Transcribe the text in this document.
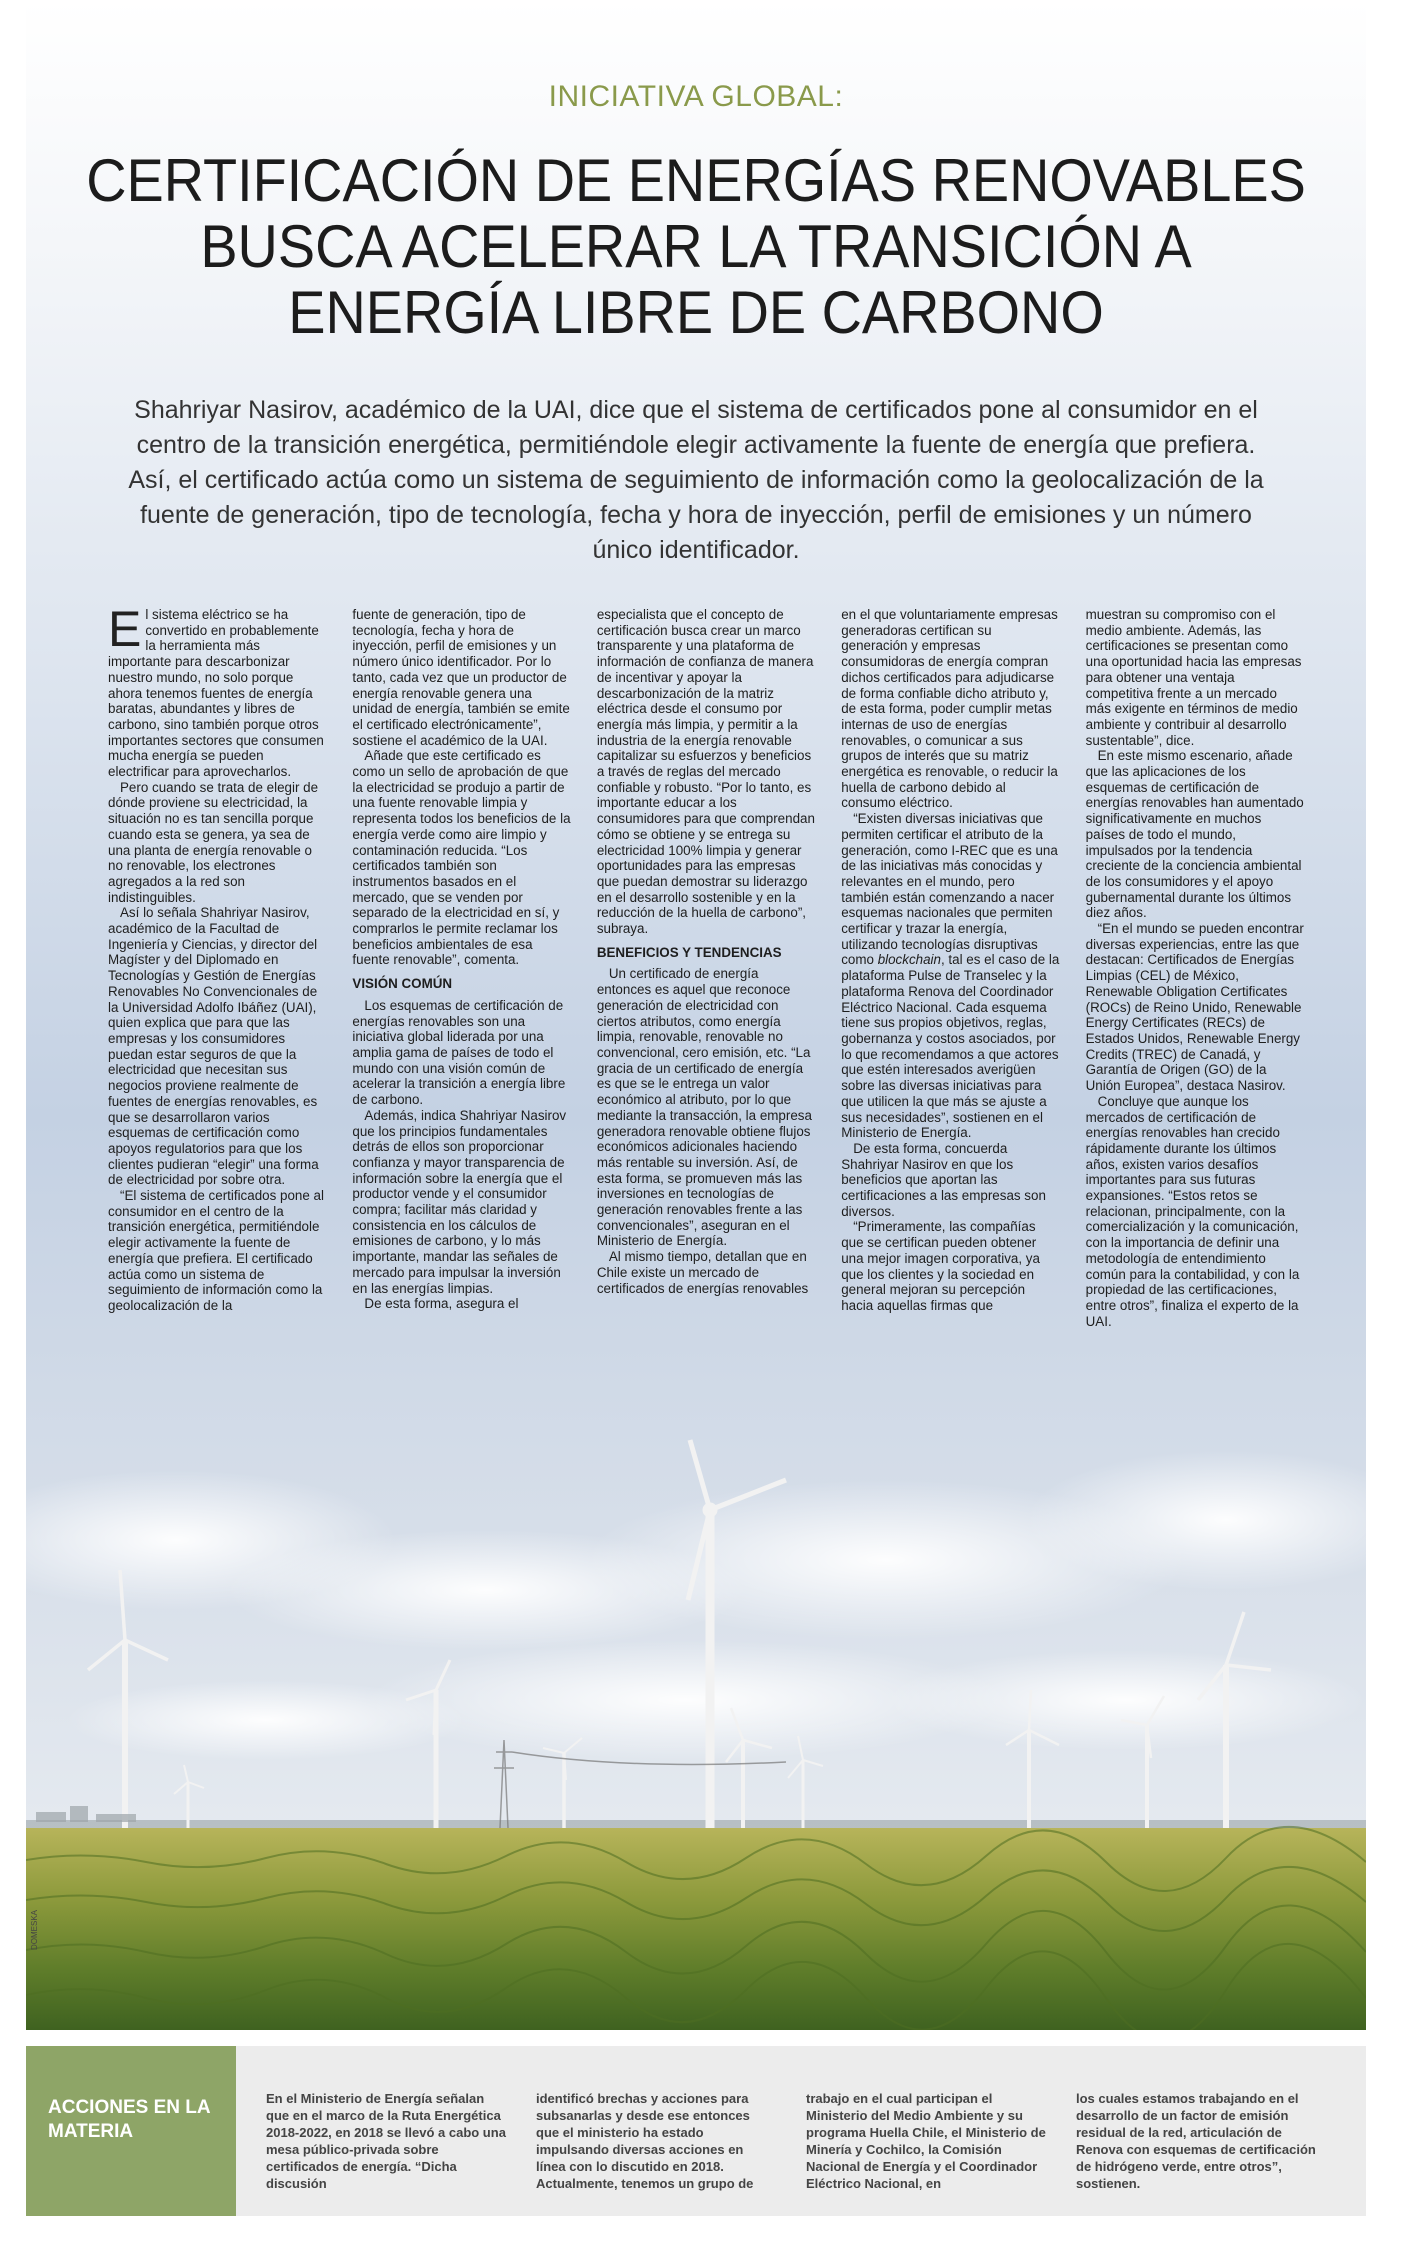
INICIATIVA GLOBAL:
CERTIFICACIÓN DE ENERGÍAS RENOVABLES
BUSCA ACELERAR LA TRANSICIÓN A
ENERGÍA LIBRE DE CARBONO
Shahriyar Nasirov, académico de la UAI, dice que el sistema de certificados pone al consumidor en el centro de la transición energética, permitiéndole elegir activamente la fuente de energía que prefiera. Así, el certificado actúa como un sistema de seguimiento de información como la geolocalización de la fuente de generación, tipo de tecnología, fecha y hora de inyección, perfil de emisiones y un número único identificador.

El sistema eléctrico se ha convertido en probablemente la herramienta más importante para descarbonizar nuestro mundo, no solo porque ahora tenemos fuentes de energía baratas, abundantes y libres de carbono, sino también porque otros importantes sectores que consumen mucha energía se pueden electrificar para aprovecharlos.

Pero cuando se trata de elegir de dónde proviene su electricidad, la situación no es tan sencilla porque cuando esta se genera, ya sea de una planta de energía renovable o no renovable, los electrones agregados a la red son indistinguibles.

Así lo señala Shahriyar Nasirov, académico de la Facultad de Ingeniería y Ciencias, y director del Magíster y del Diplomado en Tecnologías y Gestión de Energías Renovables No Convencionales de la Universidad Adolfo Ibáñez (UAI), quien explica que para que las empresas y los consumidores puedan estar seguros de que la electricidad que necesitan sus negocios proviene realmente de fuentes de energías renovables, es que se desarrollaron varios esquemas de certificación como apoyos regulatorios para que los clientes pudieran “elegir” una forma de electricidad por sobre otra.

“El sistema de certificados pone al consumidor en el centro de la transición energética, permitiéndole elegir activamente la fuente de energía que prefiera. El certificado actúa como un sistema de seguimiento de información como la geolocalización de la

fuente de generación, tipo de tecnología, fecha y hora de inyección, perfil de emisiones y un número único identificador. Por lo tanto, cada vez que un productor de energía renovable genera una unidad de energía, también se emite el certificado electrónicamente”, sostiene el académico de la UAI.

Añade que este certificado es como un sello de aprobación de que la electricidad se produjo a partir de una fuente renovable limpia y representa todos los beneficios de la energía verde como aire limpio y contaminación reducida. “Los certificados también son instrumentos basados en el mercado, que se venden por separado de la electricidad en sí, y comprarlos le permite reclamar los beneficios ambientales de esa fuente renovable”, comenta.

VISIÓN COMÚN

Los esquemas de certificación de energías renovables son una iniciativa global liderada por una amplia gama de países de todo el mundo con una visión común de acelerar la transición a energía libre de carbono.

Además, indica Shahriyar Nasirov que los principios fundamentales detrás de ellos son proporcionar confianza y mayor transparencia de información sobre la energía que el productor vende y el consumidor compra; facilitar más claridad y consistencia en los cálculos de emisiones de carbono, y lo más importante, mandar las señales de mercado para impulsar la inversión en las energías limpias.

De esta forma, asegura el

especialista que el concepto de certificación busca crear un marco transparente y una plataforma de información de confianza de manera de incentivar y apoyar la descarbonización de la matriz eléctrica desde el consumo por energía más limpia, y permitir a la industria de la energía renovable capitalizar su esfuerzos y beneficios a través de reglas del mercado confiable y robusto. “Por lo tanto, es importante educar a los consumidores para que comprendan cómo se obtiene y se entrega su electricidad 100% limpia y generar oportunidades para las empresas que puedan demostrar su liderazgo en el desarrollo sostenible y en la reducción de la huella de carbono”, subraya.

BENEFICIOS Y TENDENCIAS

Un certificado de energía entonces es aquel que reconoce generación de electricidad con ciertos atributos, como energía limpia, renovable, renovable no convencional, cero emisión, etc. “La gracia de un certificado de energía es que se le entrega un valor económico al atributo, por lo que mediante la transacción, la empresa generadora renovable obtiene flujos económicos adicionales haciendo más rentable su inversión. Así, de esta forma, se promueven más las inversiones en tecnologías de generación renovables frente a las convencionales”, aseguran en el Ministerio de Energía.

Al mismo tiempo, detallan que en Chile existe un mercado de certificados de energías renovables

en el que voluntariamente empresas generadoras certifican su generación y empresas consumidoras de energía compran dichos certificados para adjudicarse de forma confiable dicho atributo y, de esta forma, poder cumplir metas internas de uso de energías renovables, o comunicar a sus grupos de interés que su matriz energética es renovable, o reducir la huella de carbono debido al consumo eléctrico.

“Existen diversas iniciativas que permiten certificar el atributo de la generación, como I-REC que es una de las iniciativas más conocidas y relevantes en el mundo, pero también están comenzando a nacer esquemas nacionales que permiten certificar y trazar la energía, utilizando tecnologías disruptivas como blockchain, tal es el caso de la plataforma Pulse de Transelec y la plataforma Renova del Coordinador Eléctrico Nacional. Cada esquema tiene sus propios objetivos, reglas, gobernanza y costos asociados, por lo que recomendamos a que actores que estén interesados averigüen sobre las diversas iniciativas para que utilicen la que más se ajuste a sus necesidades”, sostienen en el Ministerio de Energía.

De esta forma, concuerda Shahriyar Nasirov en que los beneficios que aportan las certificaciones a las empresas son diversos.

“Primeramente, las compañías que se certifican pueden obtener una mejor imagen corporativa, ya que los clientes y la sociedad en general mejoran su percepción hacia aquellas firmas que

muestran su compromiso con el medio ambiente. Además, las certificaciones se presentan como una oportunidad hacia las empresas para obtener una ventaja competitiva frente a un mercado más exigente en términos de medio ambiente y contribuir al desarrollo sustentable”, dice.

En este mismo escenario, añade que las aplicaciones de los esquemas de certificación de energías renovables han aumentado significativamente en muchos países de todo el mundo, impulsados por la tendencia creciente de la conciencia ambiental de los consumidores y el apoyo gubernamental durante los últimos diez años.

“En el mundo se pueden encontrar diversas experiencias, entre las que destacan: Certificados de Energías Limpias (CEL) de México, Renewable Obligation Certificates (ROCs) de Reino Unido, Renewable Energy Certificates (RECs) de Estados Unidos, Renewable Energy Credits (TREC) de Canadá, y Garantía de Origen (GO) de la Unión Europea”, destaca Nasirov.

Concluye que aunque los mercados de certificación de energías renovables han crecido rápidamente durante los últimos años, existen varios desafíos importantes para sus futuras expansiones. “Estos retos se relacionan, principalmente, con la comercialización y la comunicación, con la importancia de definir una metodología de entendimiento común para la contabilidad, y con la propiedad de las certificaciones, entre otros”, finaliza el experto de la UAI.

DOMESKA
ACCIONES EN LA MATERIA

En el Ministerio de Energía señalan que en el marco de la Ruta Energética 2018-2022, en 2018 se llevó a cabo una mesa público-privada sobre certificados de energía. “Dicha discusión

identificó brechas y acciones para subsanarlas y desde ese entonces que el ministerio ha estado impulsando diversas acciones en línea con lo discutido en 2018. Actualmente, tenemos un grupo de

trabajo en el cual participan el Ministerio del Medio Ambiente y su programa Huella Chile, el Ministerio de Minería y Cochilco, la Comisión Nacional de Energía y el Coordinador Eléctrico Nacional, en

los cuales estamos trabajando en el desarrollo de un factor de emisión residual de la red, articulación de Renova con esquemas de certificación de hidrógeno verde, entre otros”, sostienen.
